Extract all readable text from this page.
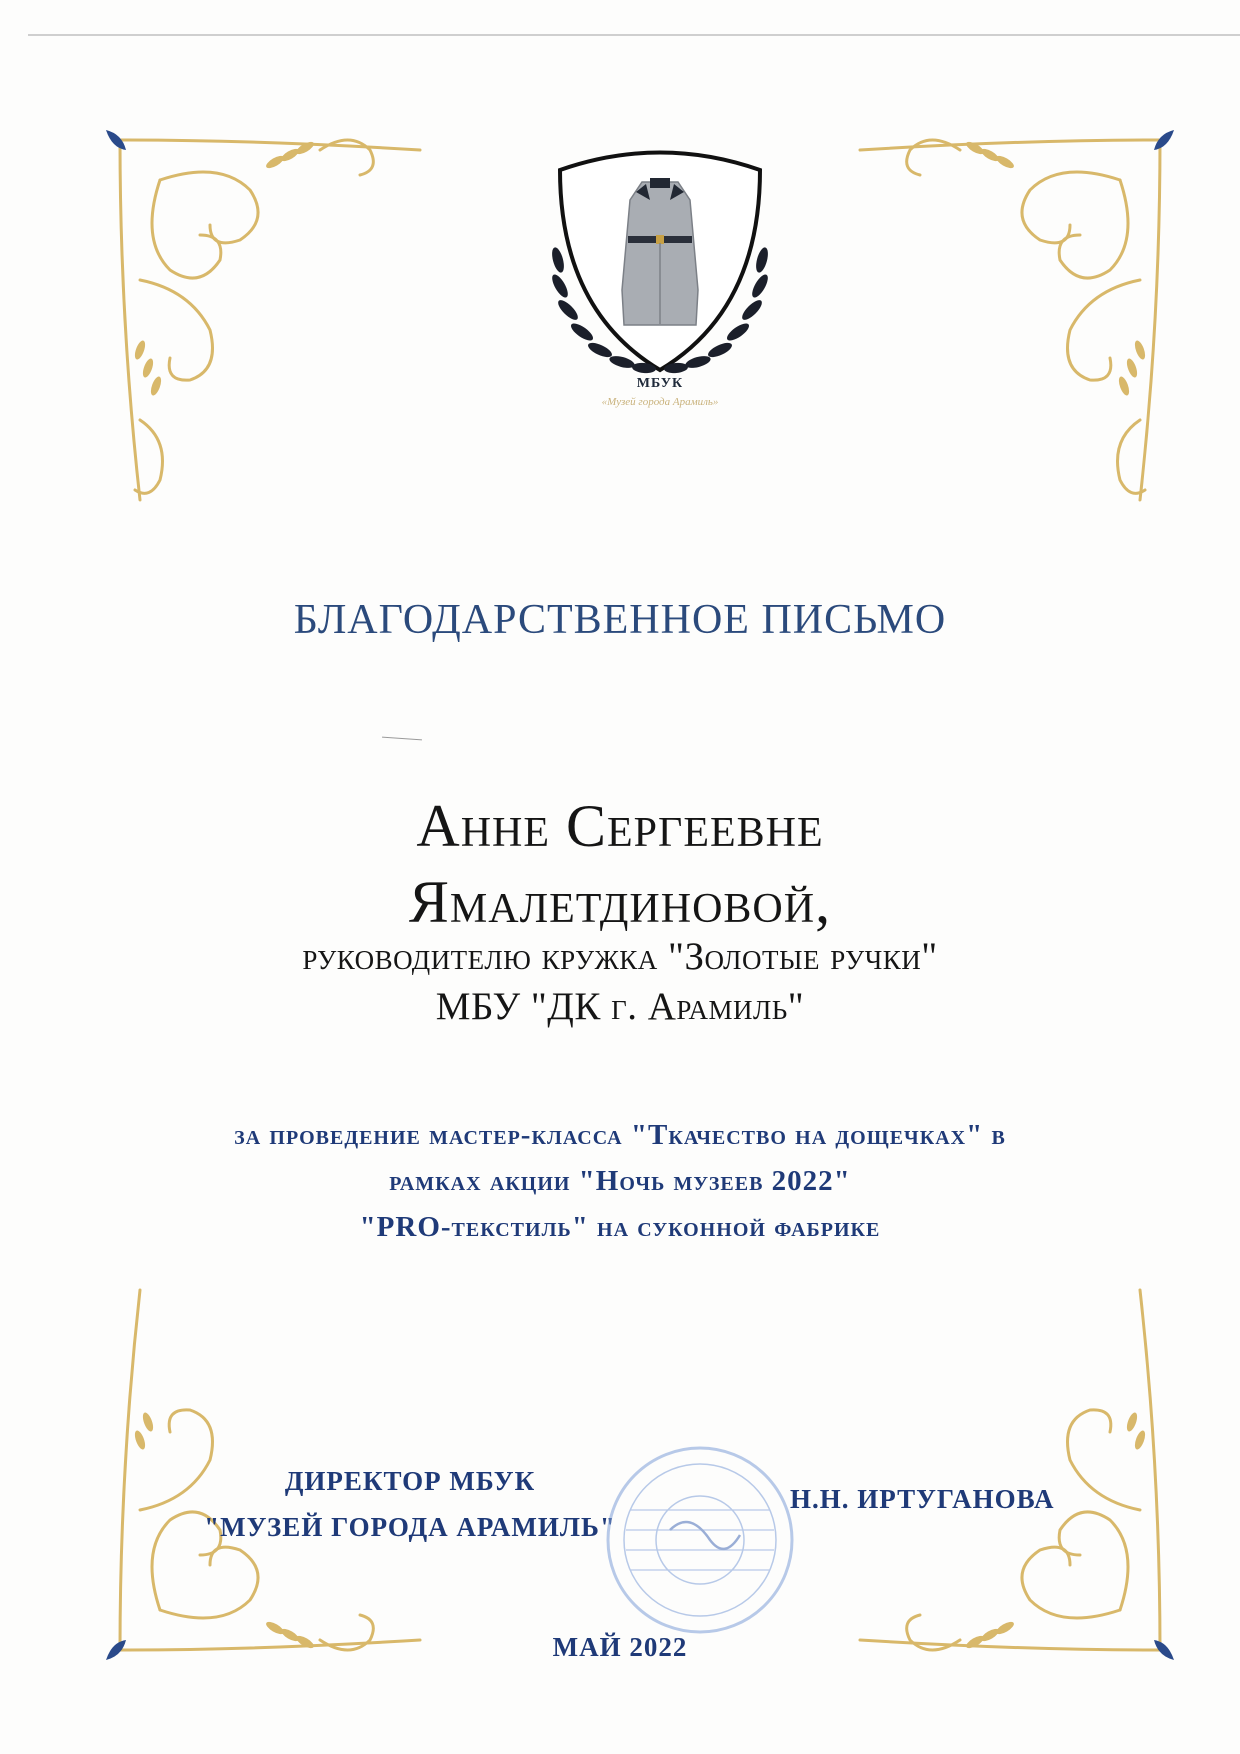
МБУК
«Музей города Арамиль»
БЛАГОДАРСТВЕННОЕ ПИСЬМО
Анне Сергеевне
Ямалетдиновой,
руководителю кружка "Золотые ручки"
МБУ "ДК г. Арамиль"
за проведение мастер-класса "Ткачество на дощечках" в
рамках акции "Ночь музеев 2022"
"PRO-текстиль" на суконной фабрике
ДИРЕКТОР МБУК
"МУЗЕЙ ГОРОДА АРАМИЛЬ"
Н.Н. ИРТУГАНОВА
МАЙ 2022
